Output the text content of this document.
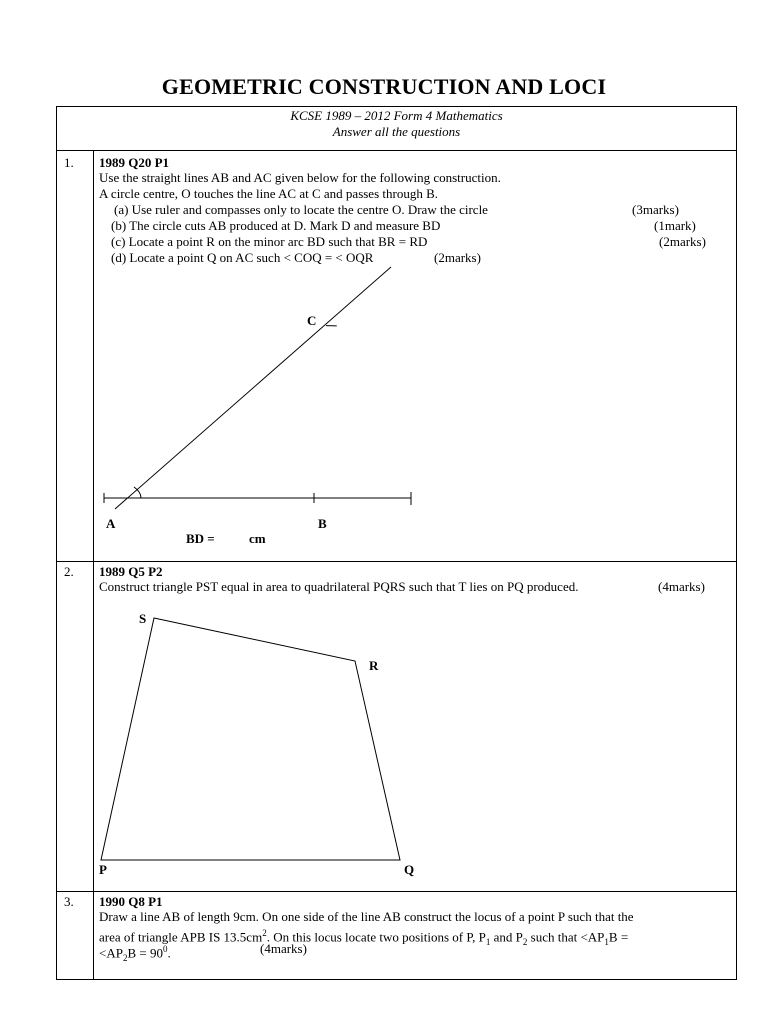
GEOMETRIC CONSTRUCTION AND LOCI
KCSE 1989 – 2012 Form 4 Mathematics
Answer all the questions
1. 1989 Q20 P1
Use the straight lines AB and AC given below for the following construction.
A circle centre, O touches the line AC at C and passes through B.
(a) Use ruler and compasses only to locate the centre O. Draw the circle	(3marks)
(b) The circle cuts AB produced at D. Mark D and measure BD	(1mark)
(c) Locate a point R on the minor arc BD such that BR = RD	(2marks)
(d) Locate a point Q on AC such < COQ = < OQR	(2marks)
C
A	B
BD =	cm
2. 1989 Q5 P2
Construct triangle PST equal in area to quadrilateral PQRS such that T lies on PQ produced.	(4marks)
S
R
P	Q
3. 1990 Q8 P1
Draw a line AB of length 9cm. On one side of the line AB construct the locus of a point P such that the
area of triangle APB IS $13.5cm^2$. On this locus locate two positions of P, $P_1$ and $P_2$ such that $<AP_1B$ =
$<AP_2B = 90^0$.	(4marks)
